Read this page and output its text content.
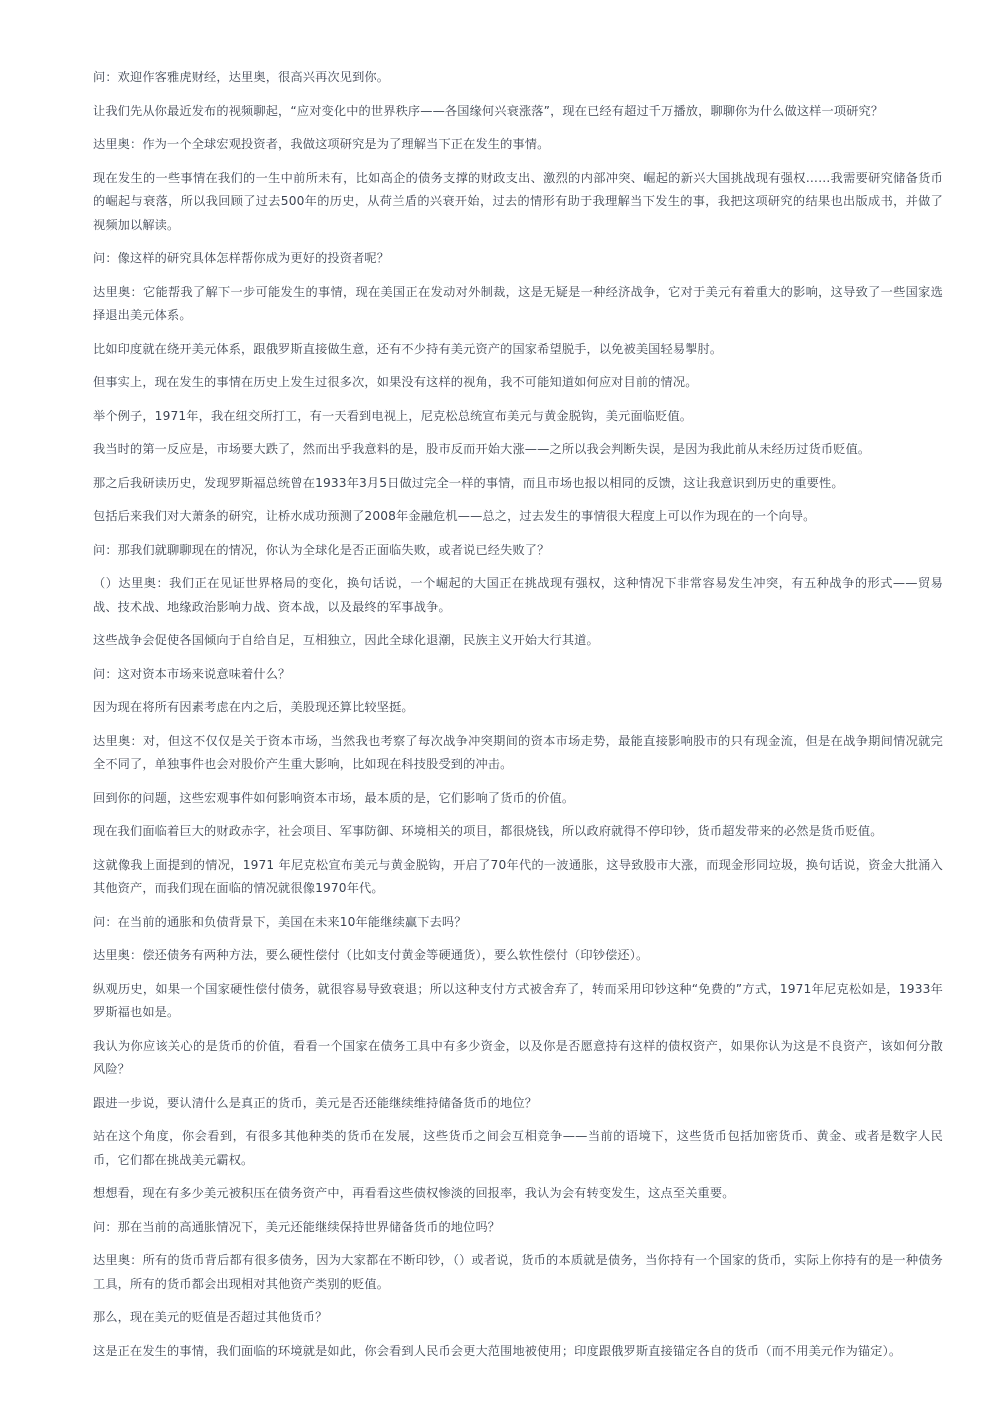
问：欢迎作客雅虎财经，达里奥，很高兴再次见到你。

让我们先从你最近发布的视频聊起，“应对变化中的世界秩序——各国缘何兴衰涨落”，现在已经有超过千万播放，聊聊你为什么做这样一项研究？

达里奥：作为一个全球宏观投资者，我做这项研究是为了理解当下正在发生的事情。

现在发生的一些事情在我们的一生中前所未有，比如高企的债务支撑的财政支出、激烈的内部冲突、崛起的新兴大国挑战现有强权……我需要研究储备货币的崛起与衰落，所以我回顾了过去500年的历史，从荷兰盾的兴衰开始，过去的情形有助于我理解当下发生的事，我把这项研究的结果也出版成书，并做了视频加以解读。

问：像这样的研究具体怎样帮你成为更好的投资者呢？

达里奥：它能帮我了解下一步可能发生的事情，现在美国正在发动对外制裁，这是无疑是一种经济战争，它对于美元有着重大的影响，这导致了一些国家选择退出美元体系。

比如印度就在绕开美元体系，跟俄罗斯直接做生意，还有不少持有美元资产的国家希望脱手，以免被美国轻易掣肘。

但事实上，现在发生的事情在历史上发生过很多次，如果没有这样的视角，我不可能知道如何应对目前的情况。

举个例子，1971年，我在纽交所打工，有一天看到电视上，尼克松总统宣布美元与黄金脱钩，美元面临贬值。

我当时的第一反应是，市场要大跌了，然而出乎我意料的是，股市反而开始大涨——之所以我会判断失误，是因为我此前从未经历过货币贬值。

那之后我研读历史，发现罗斯福总统曾在1933年3月5日做过完全一样的事情，而且市场也报以相同的反馈，这让我意识到历史的重要性。

包括后来我们对大萧条的研究，让桥水成功预测了2008年金融危机——总之，过去发生的事情很大程度上可以作为现在的一个向导。

问：那我们就聊聊现在的情况，你认为全球化是否正面临失败，或者说已经失败了？

（）达里奥：我们正在见证世界格局的变化，换句话说，一个崛起的大国正在挑战现有强权，这种情况下非常容易发生冲突，有五种战争的形式——贸易战、技术战、地缘政治影响力战、资本战，以及最终的军事战争。

这些战争会促使各国倾向于自给自足，互相独立，因此全球化退潮，民族主义开始大行其道。

问：这对资本市场来说意味着什么？

因为现在将所有因素考虑在内之后，美股现还算比较坚挺。

达里奥：对，但这不仅仅是关于资本市场，当然我也考察了每次战争冲突期间的资本市场走势，最能直接影响股市的只有现金流，但是在战争期间情况就完全不同了，单独事件也会对股价产生重大影响，比如现在科技股受到的冲击。

回到你的问题，这些宏观事件如何影响资本市场，最本质的是，它们影响了货币的价值。

现在我们面临着巨大的财政赤字，社会项目、军事防御、环境相关的项目，都很烧钱，所以政府就得不停印钞，货币超发带来的必然是货币贬值。

这就像我上面提到的情况，1971 年尼克松宣布美元与黄金脱钩，开启了70年代的一波通胀，这导致股市大涨，而现金形同垃圾，换句话说，资金大批涌入其他资产，而我们现在面临的情况就很像1970年代。

问：在当前的通胀和负债背景下，美国在未来10年能继续赢下去吗？

达里奥：偿还债务有两种方法，要么硬性偿付（比如支付黄金等硬通货），要么软性偿付（印钞偿还）。

纵观历史，如果一个国家硬性偿付债务，就很容易导致衰退；所以这种支付方式被舍弃了，转而采用印钞这种“免费的”方式，1971年尼克松如是，1933年罗斯福也如是。

我认为你应该关心的是货币的价值，看看一个国家在债务工具中有多少资金，以及你是否愿意持有这样的债权资产，如果你认为这是不良资产，该如何分散风险？

跟进一步说，要认清什么是真正的货币，美元是否还能继续维持储备货币的地位？

站在这个角度，你会看到，有很多其他种类的货币在发展，这些货币之间会互相竞争——当前的语境下，这些货币包括加密货币、黄金、或者是数字人民币，它们都在挑战美元霸权。

想想看，现在有多少美元被积压在债务资产中，再看看这些债权惨淡的回报率，我认为会有转变发生，这点至关重要。

问：那在当前的高通胀情况下，美元还能继续保持世界储备货币的地位吗？

达里奥：所有的货币背后都有很多债务，因为大家都在不断印钞，（）或者说，货币的本质就是债务，当你持有一个国家的货币，实际上你持有的是一种债务工具，所有的货币都会出现相对其他资产类别的贬值。

那么，现在美元的贬值是否超过其他货币？

这是正在发生的事情，我们面临的环境就是如此，你会看到人民币会更大范围地被使用；印度跟俄罗斯直接锚定各自的货币（而不用美元作为锚定）。
